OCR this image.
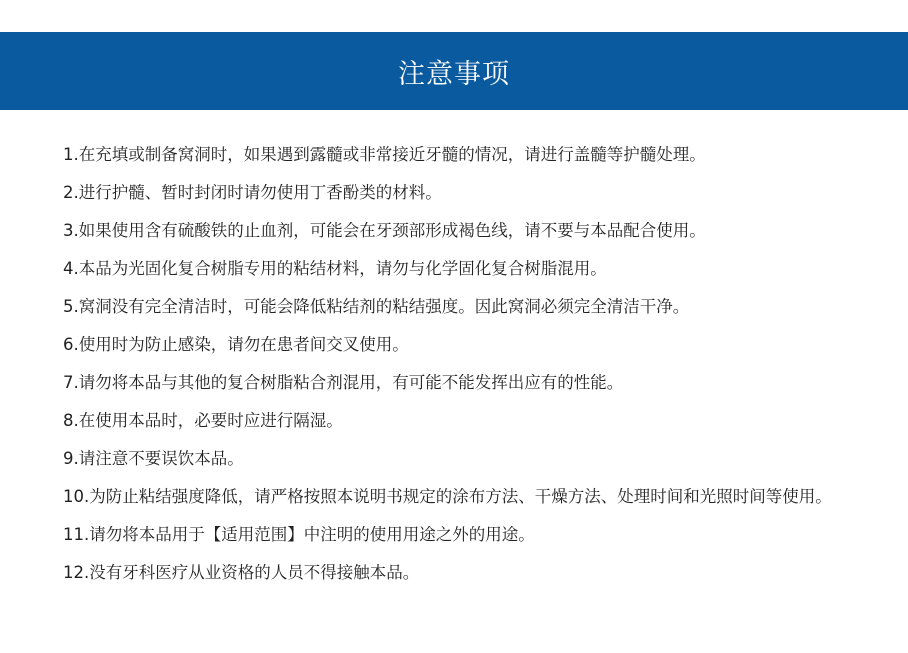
注意事项
1.在充填或制备窝洞时，如果遇到露髓或非常接近牙髓的情况，请进行盖髓等护髓处理。
2.进行护髓、暂时封闭时请勿使用丁香酚类的材料。
3.如果使用含有硫酸铁的止血剂，可能会在牙颈部形成褐色线，请不要与本品配合使用。
4.本品为光固化复合树脂专用的粘结材料，请勿与化学固化复合树脂混用。
5.窝洞没有完全清洁时，可能会降低粘结剂的粘结强度。因此窝洞必须完全清洁干净。
6.使用时为防止感染，请勿在患者间交叉使用。
7.请勿将本品与其他的复合树脂粘合剂混用，有可能不能发挥出应有的性能。
8.在使用本品时，必要时应进行隔湿。
9.请注意不要误饮本品。
10.为防止粘结强度降低，请严格按照本说明书规定的涂布方法、干燥方法、处理时间和光照时间等使用。
11.请勿将本品用于【适用范围】中注明的使用用途之外的用途。
12.没有牙科医疗从业资格的人员不得接触本品。
